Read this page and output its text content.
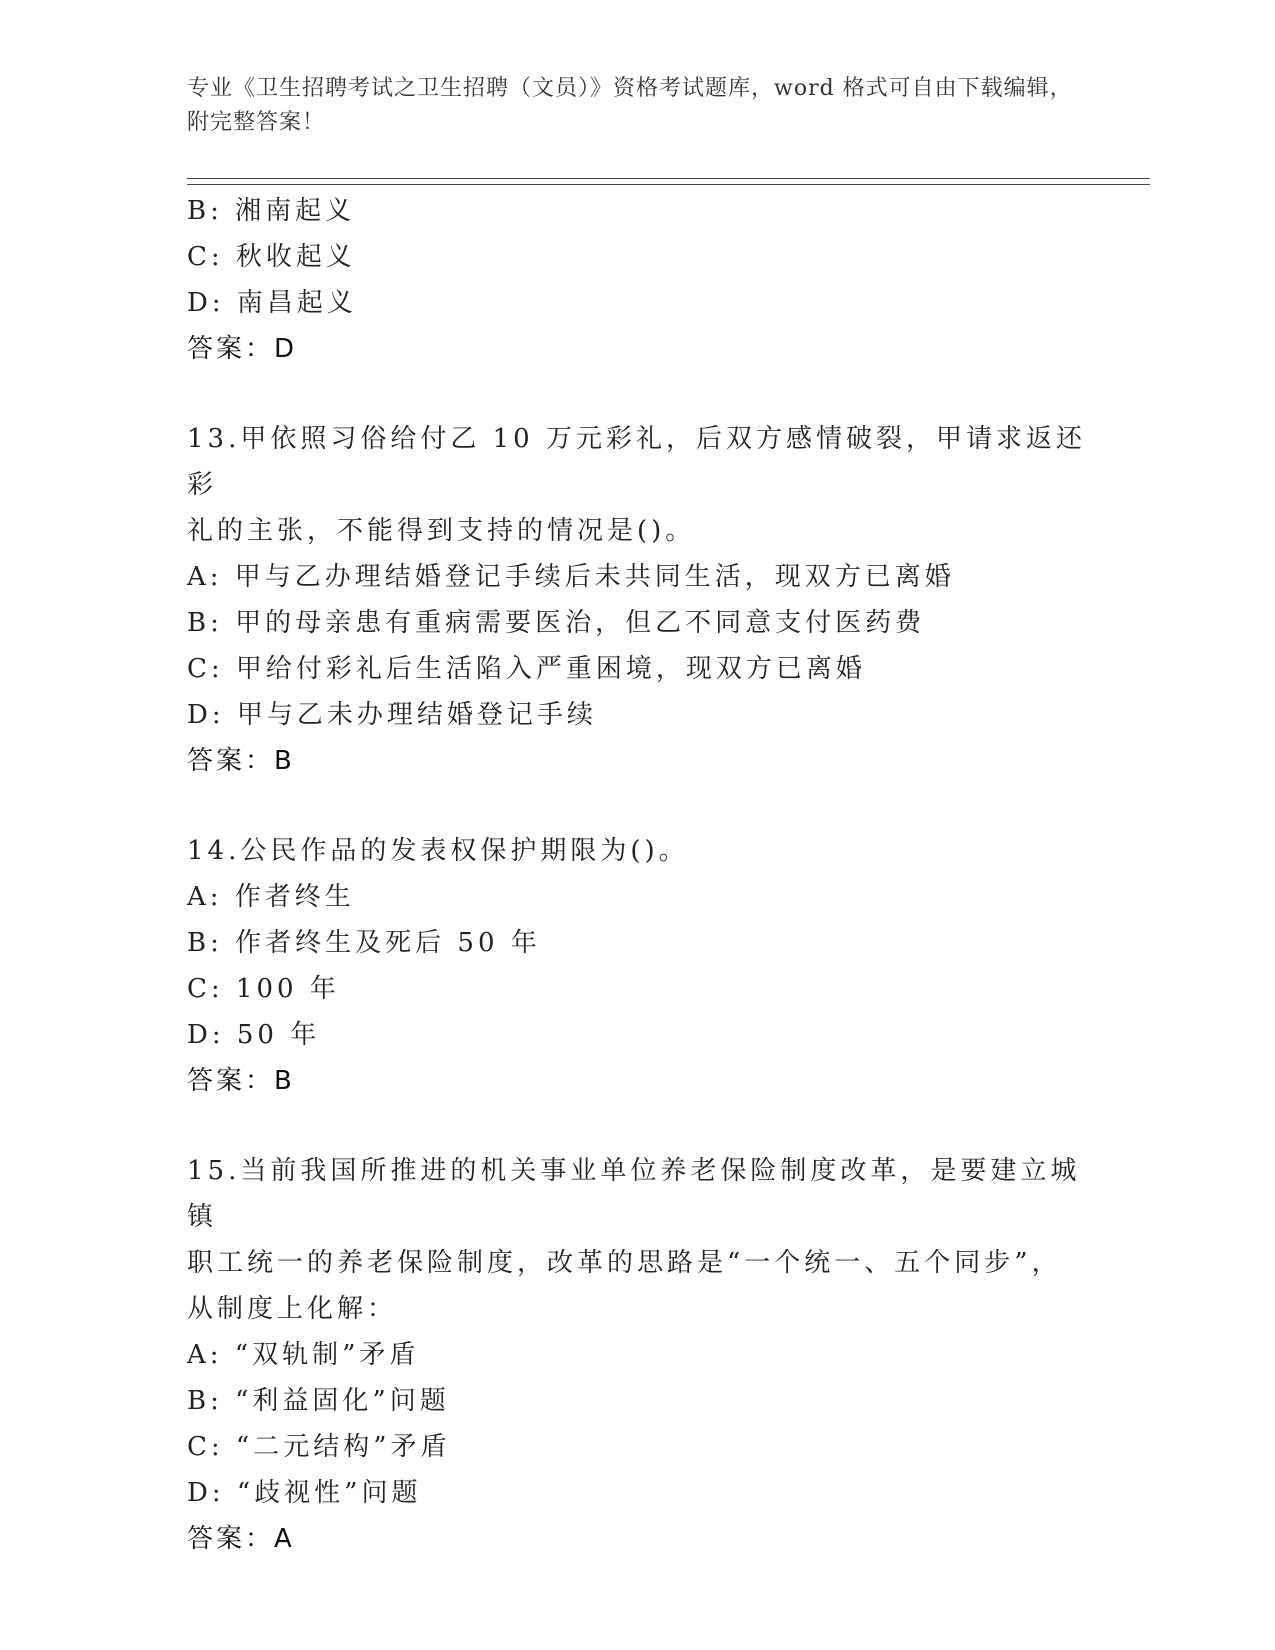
专业《卫生招聘考试之卫生招聘（文员）》资格考试题库，word 格式可自由下载编辑，附完整答案！
B: 湘南起义
C: 秋收起义
D: 南昌起义
答案：D
13.甲依照习俗给付乙 10 万元彩礼，后双方感情破裂，甲请求返还彩
礼的主张，不能得到支持的情况是()。
A: 甲与乙办理结婚登记手续后未共同生活，现双方已离婚
B: 甲的母亲患有重病需要医治，但乙不同意支付医药费
C: 甲给付彩礼后生活陷入严重困境，现双方已离婚
D: 甲与乙未办理结婚登记手续
答案：B
14.公民作品的发表权保护期限为()。
A: 作者终生
B: 作者终生及死后 50 年
C: 100 年
D: 50 年
答案：B
15.当前我国所推进的机关事业单位养老保险制度改革，是要建立城镇
职工统一的养老保险制度，改革的思路是“一个统一、五个同步”，
从制度上化解：
A: “双轨制”矛盾
B: “利益固化”问题
C: “二元结构”矛盾
D: “歧视性”问题
答案：A
